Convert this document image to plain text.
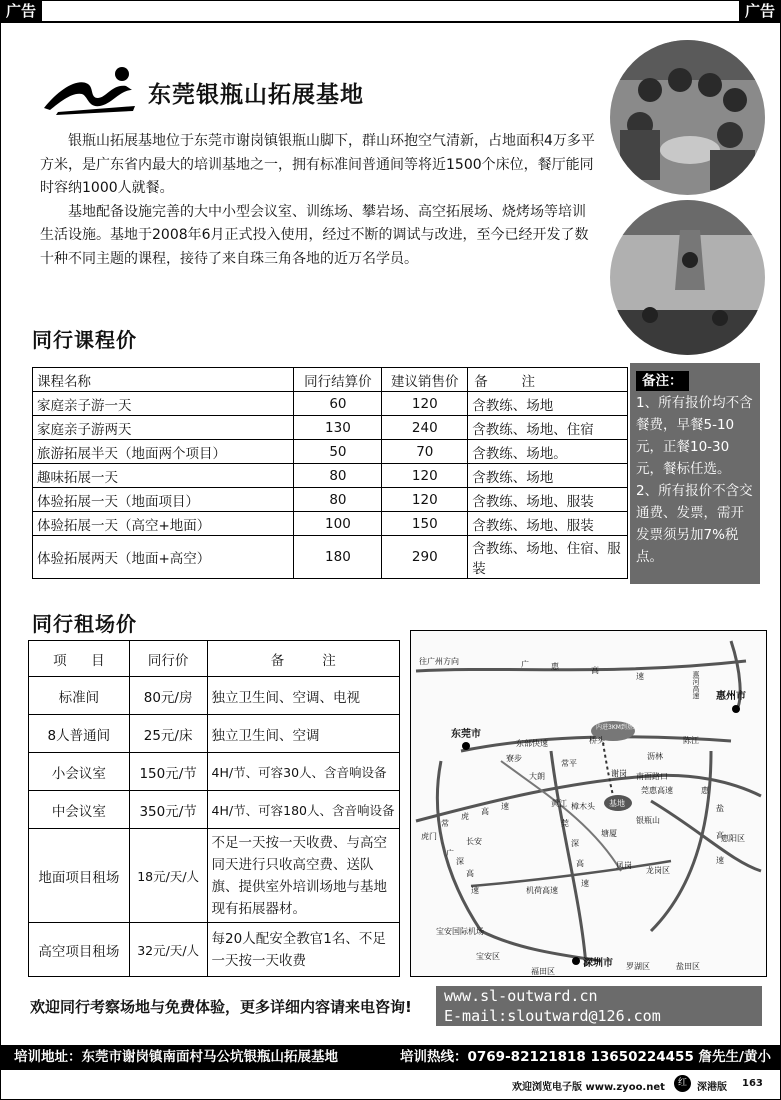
广告	广告
东莞银瓶山拓展基地

银瓶山拓展基地位于东莞市谢岗镇银瓶山脚下，群山环抱空气清新，占地面积4万多平方米，是广东省内最大的培训基地之一，拥有标准间普通间等将近1500个床位，餐厅能同时容纳1000人就餐。

基地配备设施完善的大中小型会议室、训练场、攀岩场、高空拓展场、烧烤场等培训生活设施。基地于2008年6月正式投入使用，经过不断的调试与改进，至今已经开发了数十种不同主题的课程，接待了来自珠三角各地的近万名学员。

同行课程价
课程名称	同行结算价	建议销售价	备注
家庭亲子游一天	60	120	含教练、场地
家庭亲子游两天	130	240	含教练、场地、住宿
旅游拓展半天（地面两个项目）	50	70	含教练、场地。
趣味拓展一天	80	120	含教练、场地
体验拓展一天（地面项目）	80	120	含教练、场地、服装
体验拓展一天（高空+地面）	100	150	含教练、场地、服装
体验拓展两天（地面+高空）	180	290	含教练、场地、住宿、服装
备注：

1、所有报价均不含餐费，早餐5-10元，正餐10-30元，餐标任选。

2、所有报价不含交通费、发票，需开发票须另加7%税点。

同行租场价
项 目	同行价	备 注
标准间	80元/房	独立卫生间、空调、电视
8人普通间	25元/床	独立卫生间、空调
小会议室	150元/节	4H/节、可容30人、含音响设备
中会议室	350元/节	4H/节、可容180人、含音响设备
地面项目租场	18元/天/人	不足一天按一天收费、与高空同天进行只收高空费、送队旗、提供室外培训场地与基地现有拓展器材。
高空项目租场	32元/天/人	每20人配安全教官1名、不足一天按一天收费
往广州方向	广	惠	高
速
惠州市
惠河高速
东莞市
东部快速	桥头
内进3KM到基地
寮步
常平
沥林
陈江
大朗	谢岗 南面路口
莞惠高速	惠
黄江 樟木头 基地
银瓶山
常
虎
高
速
莞
深
高
速
虎门
长安
塘厦
盐
高
速
惠阳区
广
深
高
速
凤岗
龙岗区
机荷高速
宝安国际机场
宝安区
深圳市 罗湖区	盐田区
福田区
欢迎同行考察场地与免费体验，更多详细内容请来电咨询!
www.sl-outward.cn
E-mail:sloutward@126.com
培训地址：东莞市谢岗镇南面村马公坑银瓶山拓展基地	培训热线：0769-82121818 13650224455 詹先生/黄小姐	欢迎浏览电子版 www.zyoo.net	红	深港版 163
